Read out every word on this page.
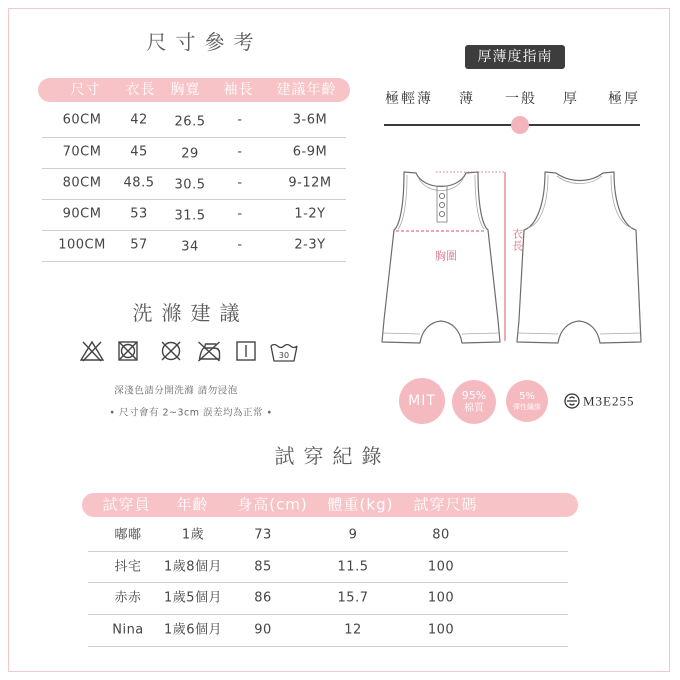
尺寸參考
尺寸 衣長 胸寬 袖長 建議年齡
60CM 42 26.5 -	3-6M
70CM 45	29	-	6-9M
80CM 48.5 30.5 -	9-12M
90CM 53 31.5 -	1-2Y
100CM 57	34	-	2-3Y
洗滌建議
30
深淺色請分開洗滌 請勿浸泡
• 尺寸會有 2~3cm 誤差均為正常 •
厚薄度指南
極輕薄 薄 一般 厚 極厚
胸圍
衣長
MIT 95%
棉質
5%
彈性纖維	M3E255
試穿紀錄
試穿員 年齡 身高(cm) 體重(kg) 試穿尺碼
嘟嘟	1歲	73	9	80
抖宅 1歲8個月 85	11.5	100
赤赤 1歲5個月 86	15.7	100
Nina 1歲6個月 90	12	100
